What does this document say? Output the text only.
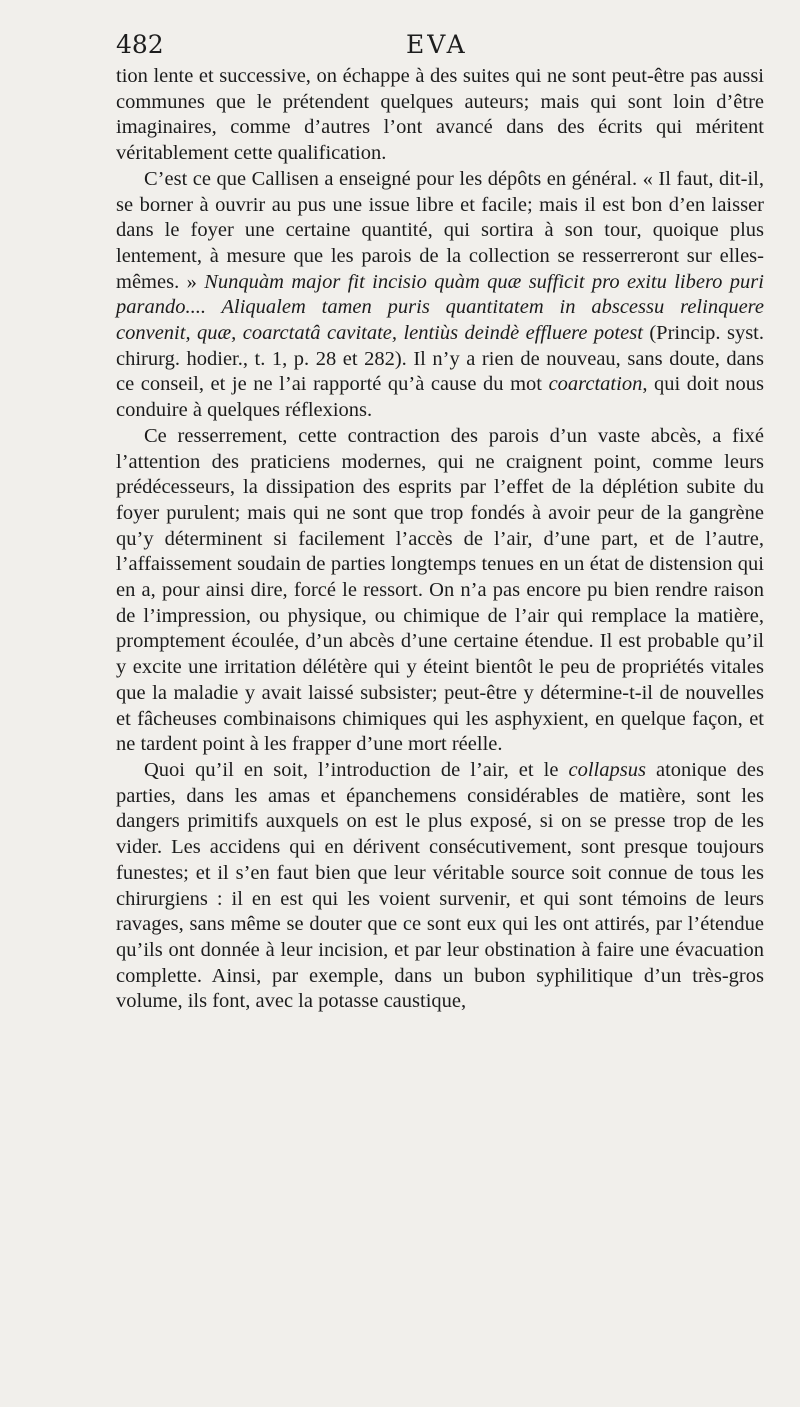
482	EVA

tion lente et successive, on échappe à des suites qui ne sont peut-être pas aussi communes que le prétendent quelques auteurs; mais qui sont loin d’être imaginaires, comme d’autres l’ont avancé dans des écrits qui méritent véritablement cette qualification.

C’est ce que Callisen a enseigné pour les dépôts en général. « Il faut, dit-il, se borner à ouvrir au pus une issue libre et facile; mais il est bon d’en laisser dans le foyer une certaine quantité, qui sortira à son tour, quoique plus lentement, à mesure que les parois de la collection se resserreront sur elles-mêmes. » Nunquàm major fit incisio quàm quæ sufficit pro exitu libero puri parando.... Aliqualem tamen puris quantitatem in abscessu relinquere convenit, quæ, coarctatâ cavitate, lentiùs deindè effluere potest (Princip. syst. chirurg. hodier., t. 1, p. 28 et 282). Il n’y a rien de nouveau, sans doute, dans ce conseil, et je ne l’ai rapporté qu’à cause du mot coarctation, qui doit nous conduire à quelques réflexions.

Ce resserrement, cette contraction des parois d’un vaste abcès, a fixé l’attention des praticiens modernes, qui ne craignent point, comme leurs prédécesseurs, la dissipation des esprits par l’effet de la déplétion subite du foyer purulent; mais qui ne sont que trop fondés à avoir peur de la gangrène qu’y déterminent si facilement l’accès de l’air, d’une part, et de l’autre, l’affaissement soudain de parties longtemps tenues en un état de distension qui en a, pour ainsi dire, forcé le ressort. On n’a pas encore pu bien rendre raison de l’impression, ou physique, ou chimique de l’air qui remplace la matière, promptement écoulée, d’un abcès d’une certaine étendue. Il est probable qu’il y excite une irritation délétère qui y éteint bientôt le peu de propriétés vitales que la maladie y avait laissé subsister; peut-être y détermine-t-il de nouvelles et fâcheuses combinaisons chimiques qui les asphyxient, en quelque façon, et ne tardent point à les frapper d’une mort réelle.

Quoi qu’il en soit, l’introduction de l’air, et le collapsus atonique des parties, dans les amas et épanchemens considérables de matière, sont les dangers primitifs auxquels on est le plus exposé, si on se presse trop de les vider. Les accidens qui en dérivent consécutivement, sont presque toujours funestes; et il s’en faut bien que leur véritable source soit connue de tous les chirurgiens : il en est qui les voient survenir, et qui sont témoins de leurs ravages, sans même se douter que ce sont eux qui les ont attirés, par l’étendue qu’ils ont donnée à leur incision, et par leur obstination à faire une évacuation complette. Ainsi, par exemple, dans un bubon syphilitique d’un très-gros volume, ils font, avec la potasse caustique,
